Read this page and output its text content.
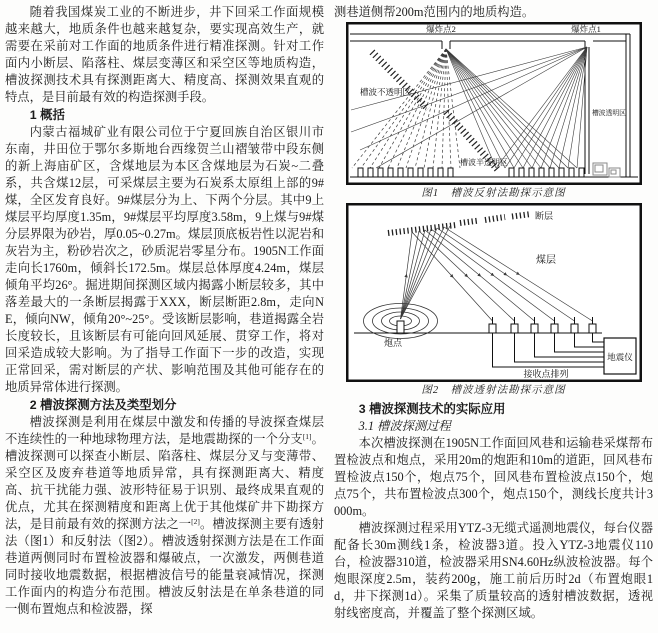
随着我国煤炭工业的不断进步，井下回采工作面规模越来越大，地质条件也越来越复杂，要实现高效生产，就需要在采前对工作面的地质条件进行精准探测。针对工作面内小断层、陷落柱、煤层变薄区和采空区等地质构造，槽波探测技术具有探测距离大、精度高、探测效果直观的特点，是目前最有效的构造探测手段。

1 概括

内蒙古福城矿业有限公司位于宁夏回族自治区银川市东南，井田位于鄂尔多斯地台西缘贺兰山褶皱带中段东侧的新上海庙矿区，含煤地层为本区含煤地层为石炭~二叠系，共含煤12层，可采煤层主要为石炭系太原组上部的9#煤，全区发育良好。9#煤层分为上、下两个分层。其中9上煤层平均厚度1.35m，9#煤层平均厚度3.58m，9上煤与9#煤分层界限为砂岩，厚0.05~0.27m。煤层顶底板岩性以泥岩和灰岩为主，粉砂岩次之，砂质泥岩零星分布。1905N工作面走向长1760m，倾斜长172.5m。煤层总体厚度4.24m，煤层倾角平均26°。掘进期间探测区域内揭露小断层较多，其中落差最大的一条断层揭露于XXX，断层断距2.8m，走向NE，倾向NW，倾角20°~25°。受该断层影响，巷道揭露全岩长度较长，且该断层有可能向回风延展、贯穿工作，将对回采造成较大影响。为了指导工作面下一步的改造，实现正常回采，需对断层的产状、影响范围及其他可能存在的地质异常体进行探测。

2 槽波探测方法及类型划分

槽波探测是利用在煤层中激发和传播的导波探查煤层不连续性的一种地球物理方法，是地震勘探的一个分支[1]。槽波探测可以探查小断层、陷落柱、煤层分叉与变薄带、采空区及废弃巷道等地质异常，具有探测距离大、精度高、抗干扰能力强、波形特征易于识别、最终成果直观的优点，尤其在探测精度和距离上优于其他煤矿井下勘探方法，是目前最有效的探测方法之一[2]。槽波探测主要有透射法（图1）和反射法（图2）。槽波透射探测方法是在工作面巷道两侧同时布置检波器和爆破点，一次激发，两侧巷道同时接收地震数据，根据槽波信号的能量衰减情况，探测工作面内的构造分布范围。槽波反射法是在单条巷道的同一侧布置炮点和检波器，探

测巷道侧帮200m范围内的地质构造。

爆炸点2	爆炸点1
槽波不透明区
槽波半透明区
槽波透明区
图1　槽波反射法勘探示意图
断层
煤层
炮点
接收点排列
地震仪
图2　槽波透射法勘探示意图
3 槽波探测技术的实际应用
3.1 槽波探测过程

本次槽波探测在1905N工作面回风巷和运输巷采煤帮布置检波点和炮点，采用20m的炮距和10m的道距，回风巷布置检波点150个，炮点75个，回风巷布置检波点150个，炮点75个，共布置检波点300个，炮点150个，测线长度共计3000m。

槽波探测过程采用YTZ-3无缆式遥测地震仪，每台仪器配备长30m测线1条，检波器3道。投入YTZ-3地震仪110台，检波器310道，检波器采用SN4.60Hz纵波检波器。每个炮眼深度2.5m，装药200g，施工前后历时2d（布置炮眼1d，井下探测1d）。采集了质量较高的透射槽波数据，透视射线密度高，并覆盖了整个探测区域。
